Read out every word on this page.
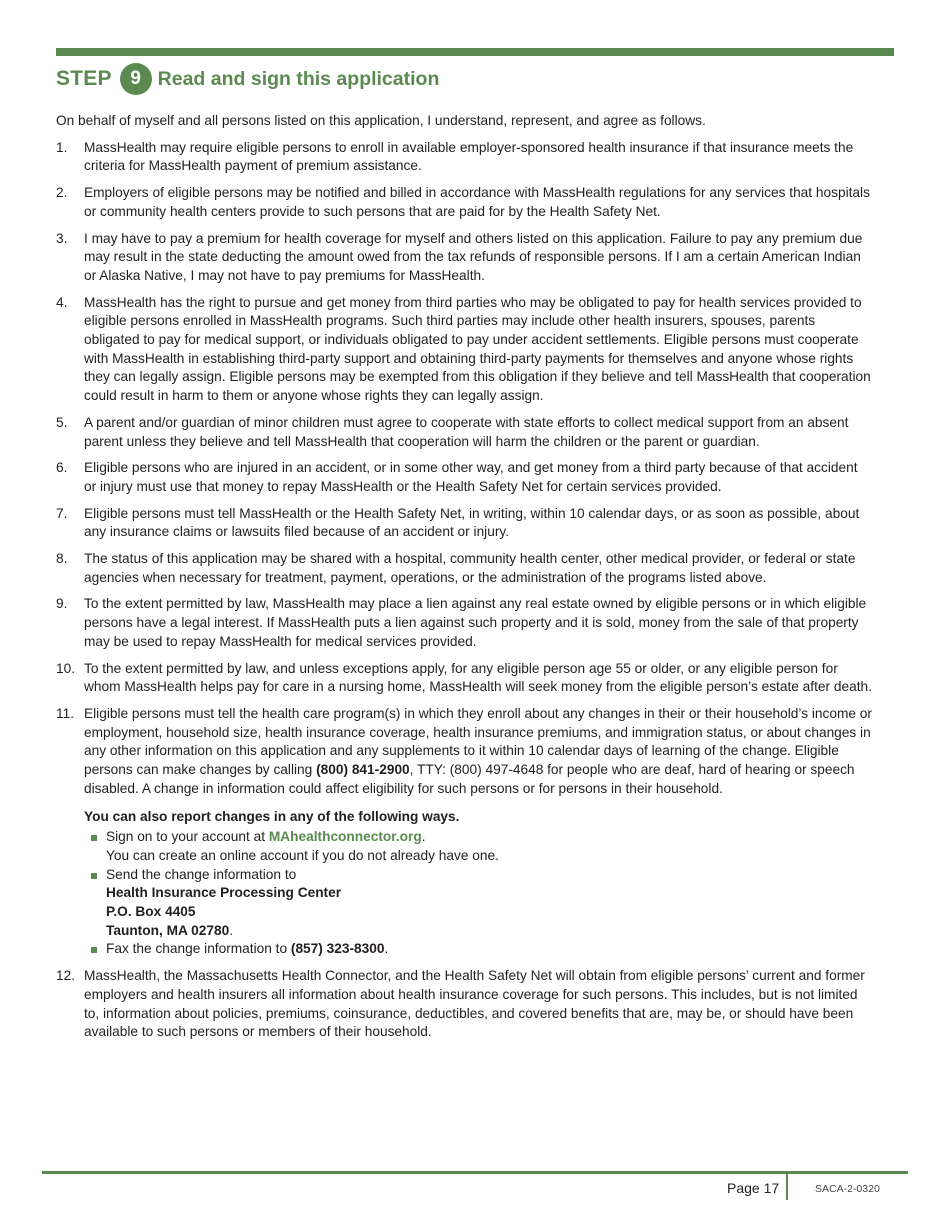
STEP 9 Read and sign this application

On behalf of myself and all persons listed on this application, I understand, represent, and agree as follows.

1. MassHealth may require eligible persons to enroll in available employer-sponsored health insurance if that insurance meets the criteria for MassHealth payment of premium assistance.
2. Employers of eligible persons may be notified and billed in accordance with MassHealth regulations for any services that hospitals or community health centers provide to such persons that are paid for by the Health Safety Net.
3. I may have to pay a premium for health coverage for myself and others listed on this application. Failure to pay any premium due may result in the state deducting the amount owed from the tax refunds of responsible persons. If I am a certain American Indian or Alaska Native, I may not have to pay premiums for MassHealth.
4. MassHealth has the right to pursue and get money from third parties who may be obligated to pay for health services provided to eligible persons enrolled in MassHealth programs. Such third parties may include other health insurers, spouses, parents obligated to pay for medical support, or individuals obligated to pay under accident settlements. Eligible persons must cooperate with MassHealth in establishing third-party support and obtaining third-party payments for themselves and anyone whose rights they can legally assign. Eligible persons may be exempted from this obligation if they believe and tell MassHealth that cooperation could result in harm to them or anyone whose rights they can legally assign.
5. A parent and/or guardian of minor children must agree to cooperate with state efforts to collect medical support from an absent parent unless they believe and tell MassHealth that cooperation will harm the children or the parent or guardian.
6. Eligible persons who are injured in an accident, or in some other way, and get money from a third party because of that accident or injury must use that money to repay MassHealth or the Health Safety Net for certain services provided.
7. Eligible persons must tell MassHealth or the Health Safety Net, in writing, within 10 calendar days, or as soon as possible, about any insurance claims or lawsuits filed because of an accident or injury.
8. The status of this application may be shared with a hospital, community health center, other medical provider, or federal or state agencies when necessary for treatment, payment, operations, or the administration of the programs listed above.
9. To the extent permitted by law, MassHealth may place a lien against any real estate owned by eligible persons or in which eligible persons have a legal interest. If MassHealth puts a lien against such property and it is sold, money from the sale of that property may be used to repay MassHealth for medical services provided.
10. To the extent permitted by law, and unless exceptions apply, for any eligible person age 55 or older, or any eligible person for whom MassHealth helps pay for care in a nursing home, MassHealth will seek money from the eligible person’s estate after death.
11. Eligible persons must tell the health care program(s) in which they enroll about any changes in their or their household’s income or employment, household size, health insurance coverage, health insurance premiums, and immigration status, or about changes in any other information on this application and any supplements to it within 10 calendar days of learning of the change. Eligible persons can make changes by calling (800) 841-2900, TTY: (800) 497-4648 for people who are deaf, hard of hearing or speech disabled. A change in information could affect eligibility for such persons or for persons in their household.
You can also report changes in any of the following ways.
Sign on to your account at MAhealthconnector.org.
You can create an online account if you do not already have one.
Send the change information to
Health Insurance Processing Center
P.O. Box 4405
Taunton, MA 02780.
Fax the change information to (857) 323-8300.
12. MassHealth, the Massachusetts Health Connector, and the Health Safety Net will obtain from eligible persons’ current and former employers and health insurers all information about health insurance coverage for such persons. This includes, but is not limited to, information about policies, premiums, coinsurance, deductibles, and covered benefits that are, may be, or should have been available to such persons or members of their household.
Page 17	SACA-2-0320
